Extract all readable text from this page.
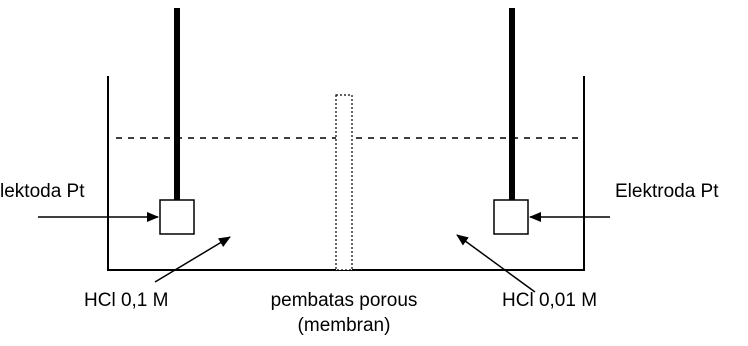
lektoda Pt	Elektroda Pt
HCl 0,1 M	HCl 0,01 M
pembatas porous
(membran)
